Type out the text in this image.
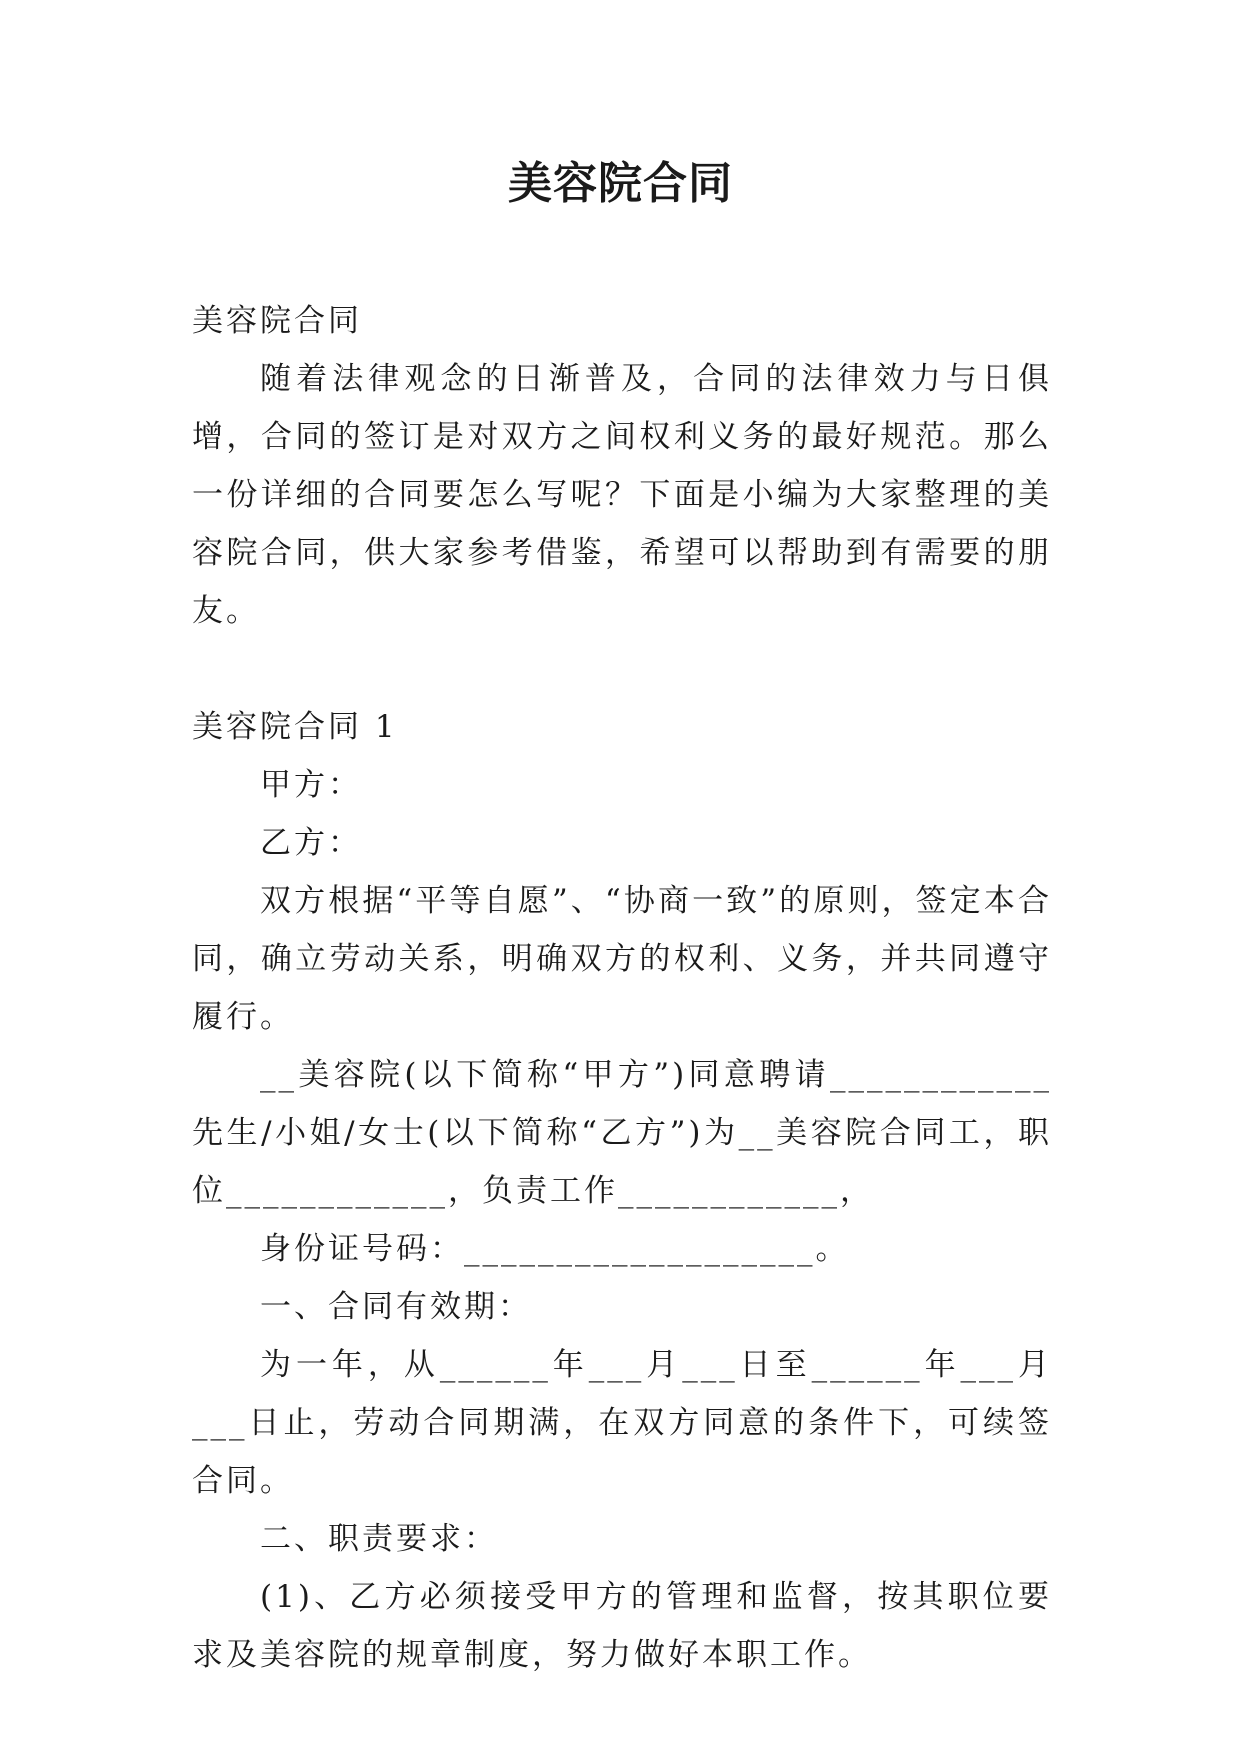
美容院合同

美容院合同

随着法律观念的日渐普及，合同的法律效力与日俱增，合同的签订是对双方之间权利义务的最好规范。那么一份详细的合同要怎么写呢？下面是小编为大家整理的美容院合同，供大家参考借鉴，希望可以帮助到有需要的朋友。

美容院合同 1

甲方：

乙方：

双方根据“平等自愿”、“协商一致”的原则，签定本合同，确立劳动关系，明确双方的权利、义务，并共同遵守履行。

__美容院(以下简称“甲方”)同意聘请____________先生/小姐/女士(以下简称“乙方”)为__美容院合同工，职位____________，负责工作____________，

身份证号码：___________________。

一、合同有效期：

为一年，从______年___月___日至______年___月___日止，劳动合同期满，在双方同意的条件下，可续签合同。

二、职责要求：

(1)、乙方必须接受甲方的管理和监督，按其职位要求及美容院的规章制度，努力做好本职工作。
